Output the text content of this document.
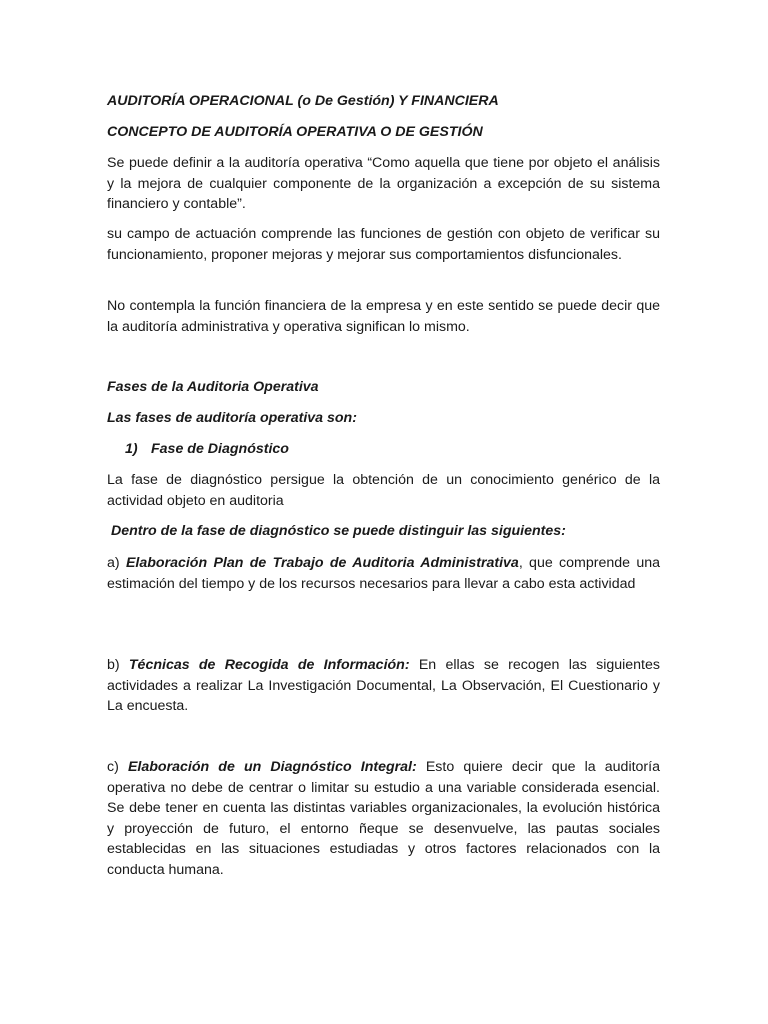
AUDITORÍA OPERACIONAL (o De Gestión) Y FINANCIERA

CONCEPTO DE AUDITORÍA OPERATIVA O DE GESTIÓN

Se puede definir a la auditoría operativa “Como aquella que tiene por objeto el análisis y la mejora de cualquier componente de la organización a excepción de su sistema financiero y contable”.

su campo de actuación comprende las funciones de gestión con objeto de verificar su funcionamiento, proponer mejoras y mejorar sus comportamientos disfuncionales.

No contempla la función financiera de la empresa y en este sentido se puede decir que la auditoría administrativa y operativa significan lo mismo.

Fases de la Auditoria Operativa

Las fases de auditoría operativa son:

1) Fase de Diagnóstico

La fase de diagnóstico persigue la obtención de un conocimiento genérico de la actividad objeto en auditoria

Dentro de la fase de diagnóstico se puede distinguir las siguientes:

a) Elaboración Plan de Trabajo de Auditoria Administrativa, que comprende una estimación del tiempo y de los recursos necesarios para llevar a cabo esta actividad

b) Técnicas de Recogida de Información: En ellas se recogen las siguientes actividades a realizar La Investigación Documental, La Observación, El Cuestionario y La encuesta.

c) Elaboración de un Diagnóstico Integral: Esto quiere decir que la auditoría operativa no debe de centrar o limitar su estudio a una variable considerada esencial. Se debe tener en cuenta las distintas variables organizacionales, la evolución histórica y proyección de futuro, el entorno ñeque se desenvuelve, las pautas sociales establecidas en las situaciones estudiadas y otros factores relacionados con la conducta humana.
